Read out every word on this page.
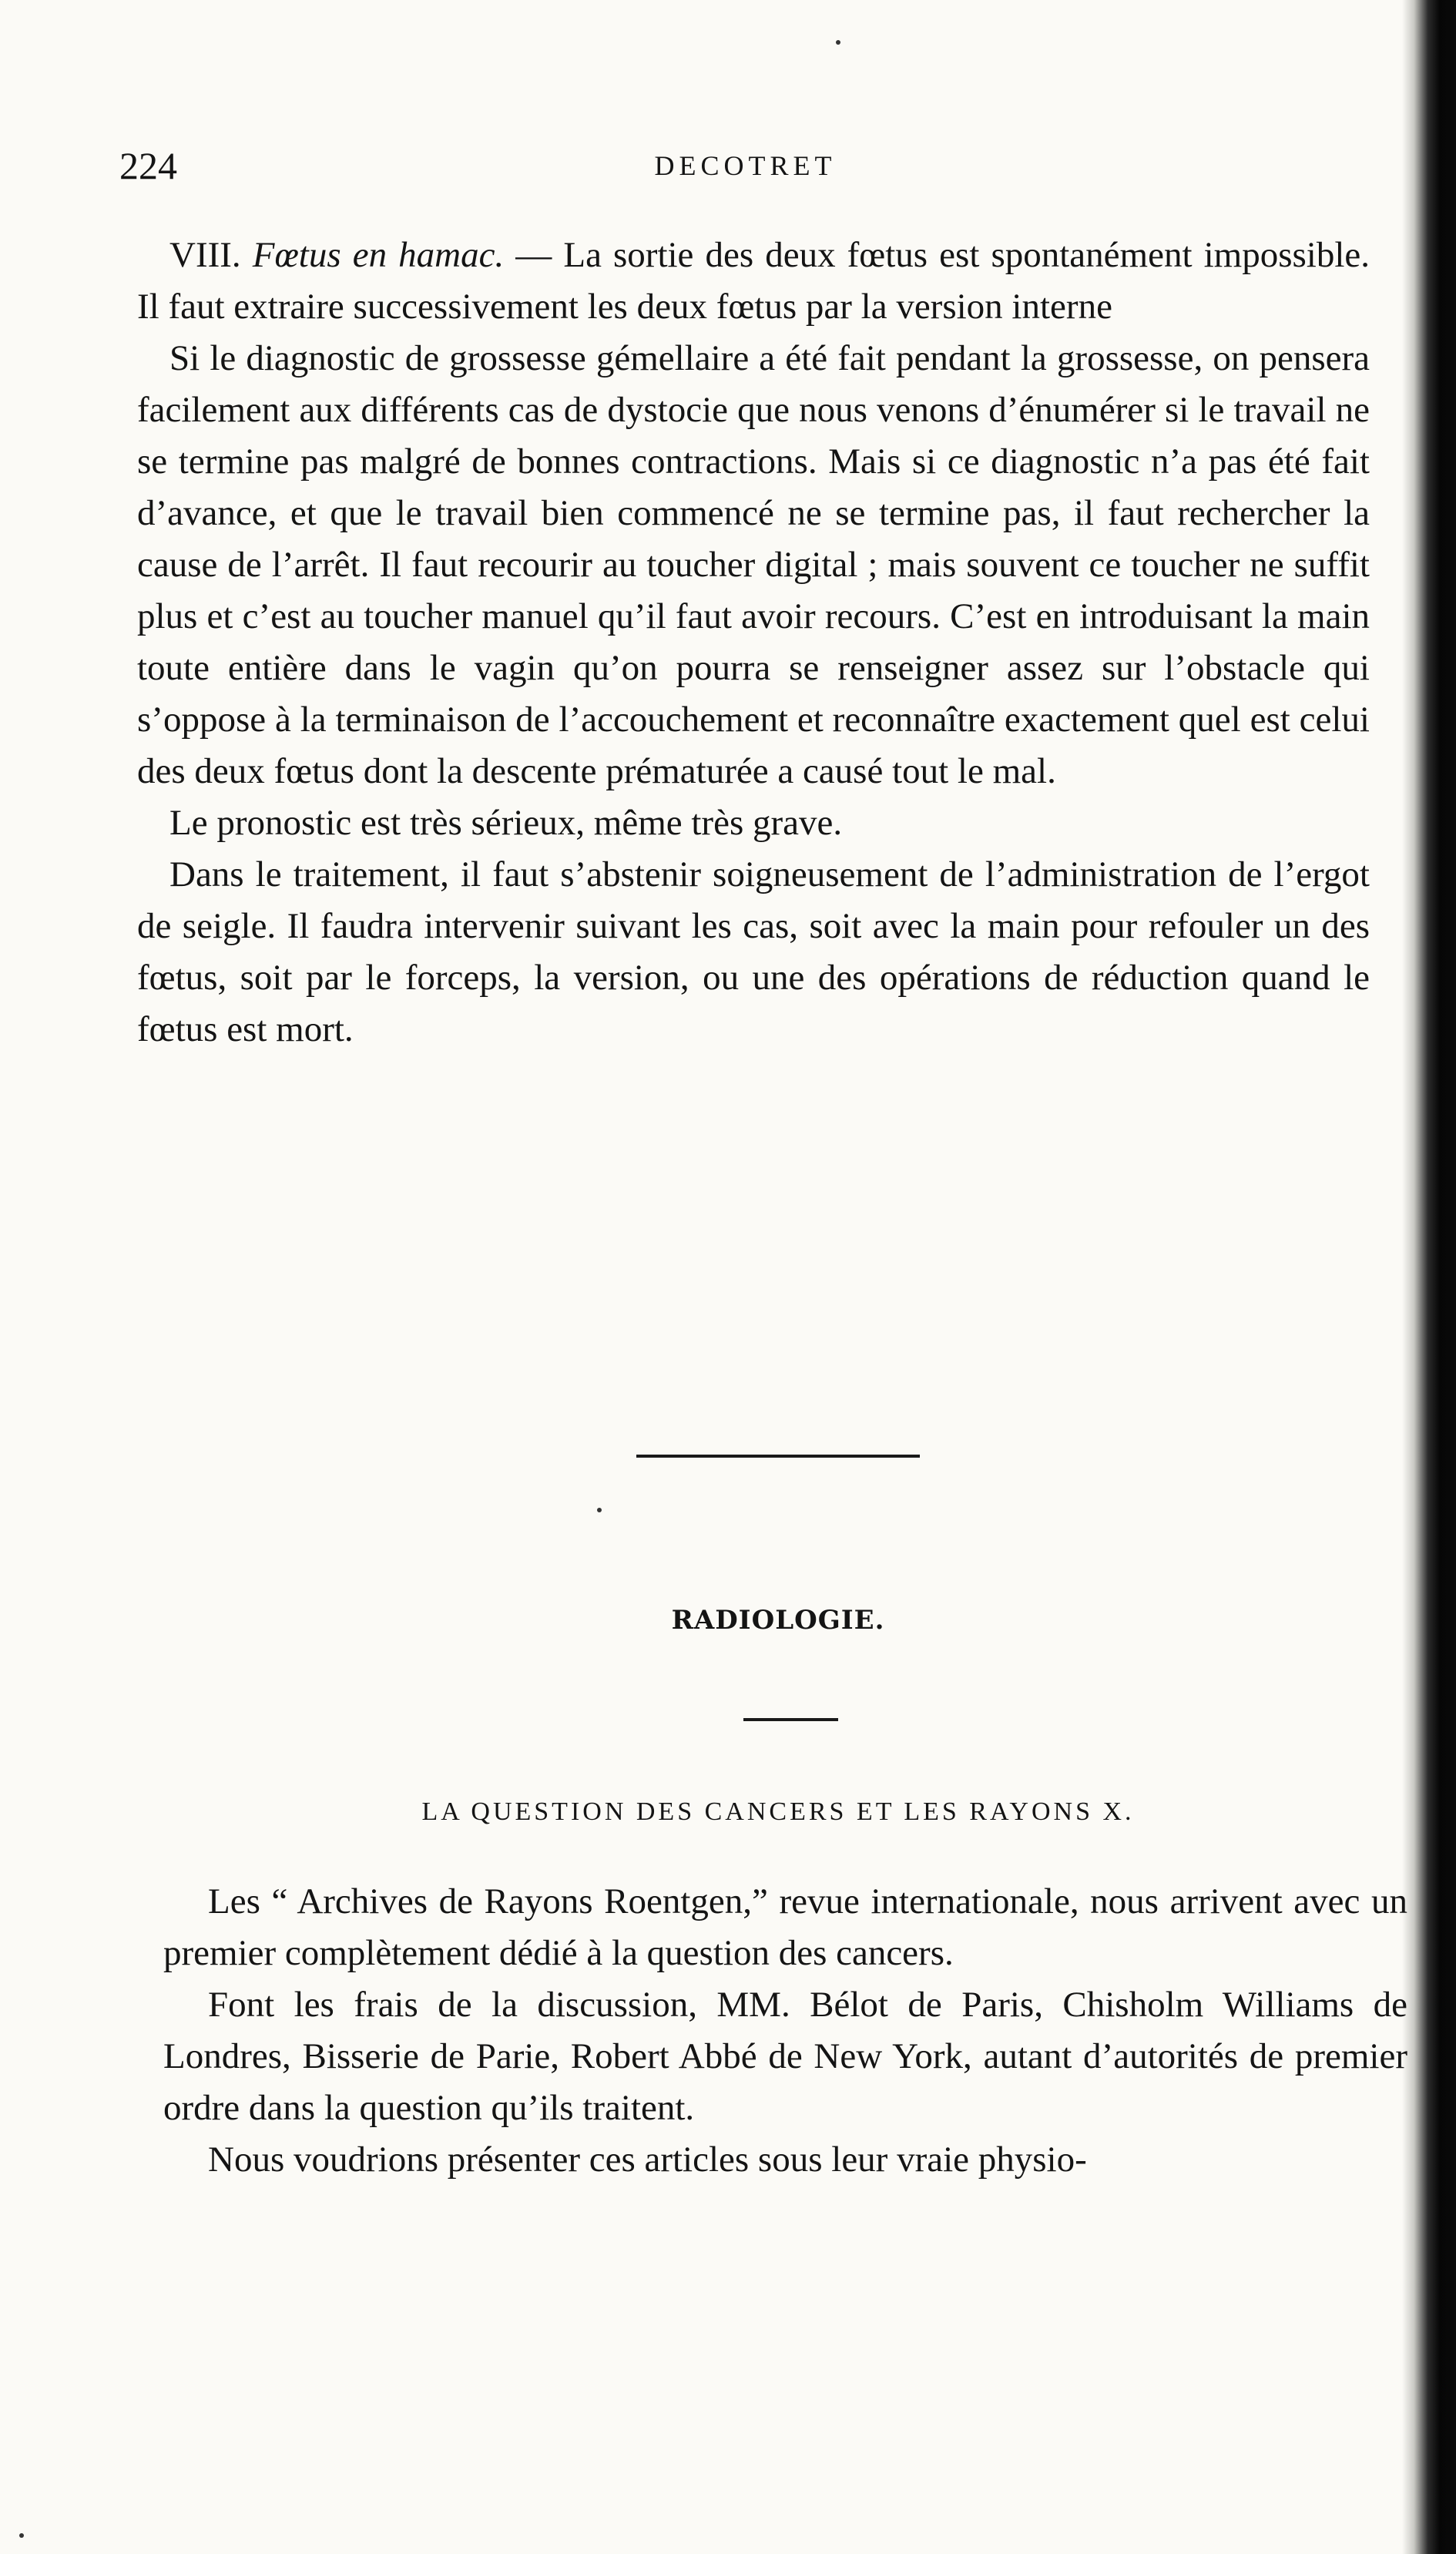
224	DECOTRET

VIII. Fœtus en hamac. — La sortie des deux fœtus est spontanément impossible. Il faut extraire successivement les deux fœtus par la version interne

Si le diagnostic de grossesse gémellaire a été fait pendant la grossesse, on pensera facilement aux différents cas de dystocie que nous venons d’énumérer si le travail ne se termine pas malgré de bonnes contractions. Mais si ce diagnostic n’a pas été fait d’avance, et que le travail bien commencé ne se termine pas, il faut rechercher la cause de l’arrêt. Il faut recourir au toucher digital ; mais souvent ce toucher ne suffit plus et c’est au toucher manuel qu’il faut avoir recours. C’est en introduisant la main toute entière dans le vagin qu’on pourra se renseigner assez sur l’obstacle qui s’oppose à la terminaison de l’accouchement et reconnaître exactement quel est celui des deux fœtus dont la descente prématurée a causé tout le mal.

Le pronostic est très sérieux, même très grave.

Dans le traitement, il faut s’abstenir soigneusement de l’administration de l’ergot de seigle. Il faudra intervenir suivant les cas, soit avec la main pour refouler un des fœtus, soit par le forceps, la version, ou une des opérations de réduction quand le fœtus est mort.

RADIOLOGIE.
LA QUESTION DES CANCERS ET LES RAYONS X.

Les “ Archives de Rayons Roentgen,” revue internationale, nous arrivent avec un premier complètement dédié à la question des cancers.

Font les frais de la discussion, MM. Bélot de Paris, Chisholm Williams de Londres, Bisserie de Parie, Robert Abbé de New York, autant d’autorités de premier ordre dans la question qu’ils traitent.

Nous voudrions présenter ces articles sous leur vraie physio-
